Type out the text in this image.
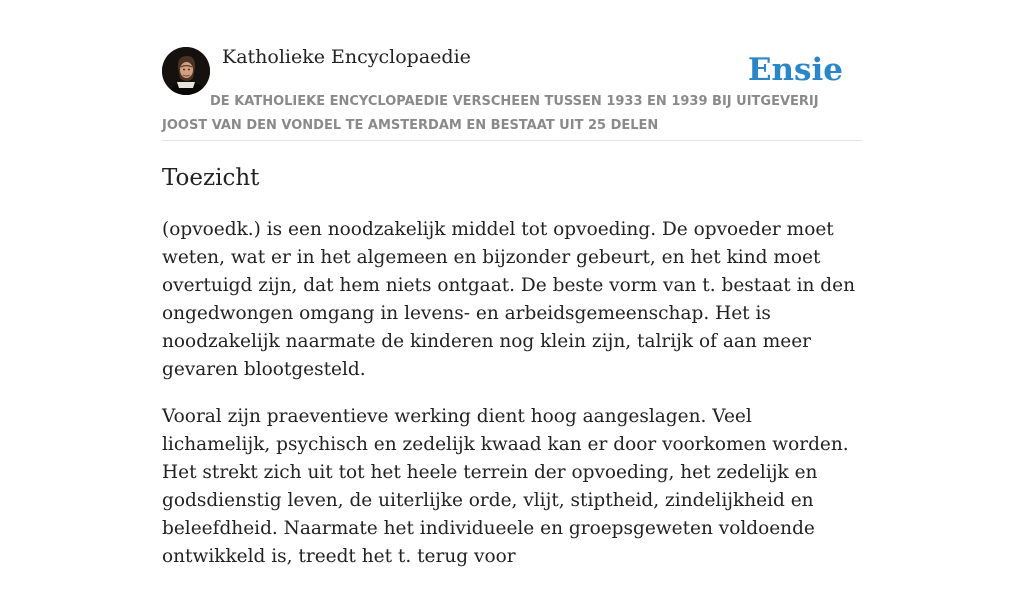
Katholieke Encyclopaedie	Ensie
DE KATHOLIEKE ENCYCLOPAEDIE VERSCHEEN TUSSEN 1933 EN 1939 BIJ UITGEVERIJ JOOST VAN DEN VONDEL TE AMSTERDAM EN BESTAAT UIT 25 DELEN
Toezicht

(opvoedk.) is een noodzakelijk middel tot opvoeding. De opvoeder moet weten, wat er in het algemeen en bijzonder gebeurt, en het kind moet overtuigd zijn, dat hem niets ontgaat. De beste vorm van t. bestaat in den ongedwongen omgang in levens- en arbeidsgemeenschap. Het is noodzakelijk naarmate de kinderen nog klein zijn, talrijk of aan meer gevaren blootgesteld.

Vooral zijn praeventieve werking dient hoog aangeslagen. Veel lichamelijk, psychisch en zedelijk kwaad kan er door voorkomen worden. Het strekt zich uit tot het heele terrein der opvoeding, het zedelijk en godsdienstig leven, de uiterlijke orde, vlijt, stiptheid, zindelijkheid en beleefdheid. Naarmate het individueele en groepsgeweten voldoende ontwikkeld is, treedt het t. terug voor
